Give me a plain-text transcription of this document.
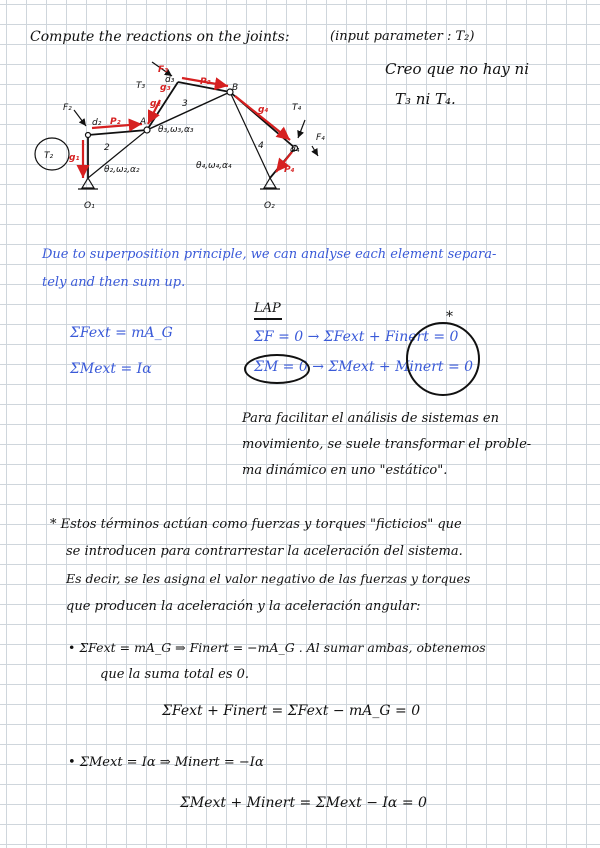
Compute the reactions on the joints:	(input parameter : T₂)
Creo que no hay ni
T₃ ni T₄.
F₃
P₃
P₂
g₂
g₃
g₁
P₄
g₄
F₂
T₂
T₃
T₄
F₄
O₁	O₂
A
B
d₂
d₃
d₄
2
3
4
θ₂,ω₂,α₂
θ₃,ω₃,α₃
θ₄,ω₄,α₄
Due to superposition principle, we can analyse each element separa-
tely and then sum up.
ΣFext = mA_G
ΣMext = Iα
LAP
ΣF = 0 → ΣFext + Finert = 0
ΣM = 0 → ΣMext + Minert = 0
*
Para facilitar el análisis de sistemas en
movimiento, se suele transformar el proble-
ma dinámico en uno "estático".
* Estos términos actúan como fuerzas y torques "ficticios" que
se introducen para contrarrestar la aceleración del sistema.
Es decir, se les asigna el valor negativo de las fuerzas y torques
que producen la aceleración y la aceleración angular:
• ΣFext = mA_G ⇒ Finert = −mA_G . Al sumar ambas, obtenemos
que la suma total es 0.
ΣFext + Finert = ΣFext − mA_G = 0
• ΣMext = Iα ⇒ Minert = −Iα
ΣMext + Minert = ΣMext − Iα = 0
